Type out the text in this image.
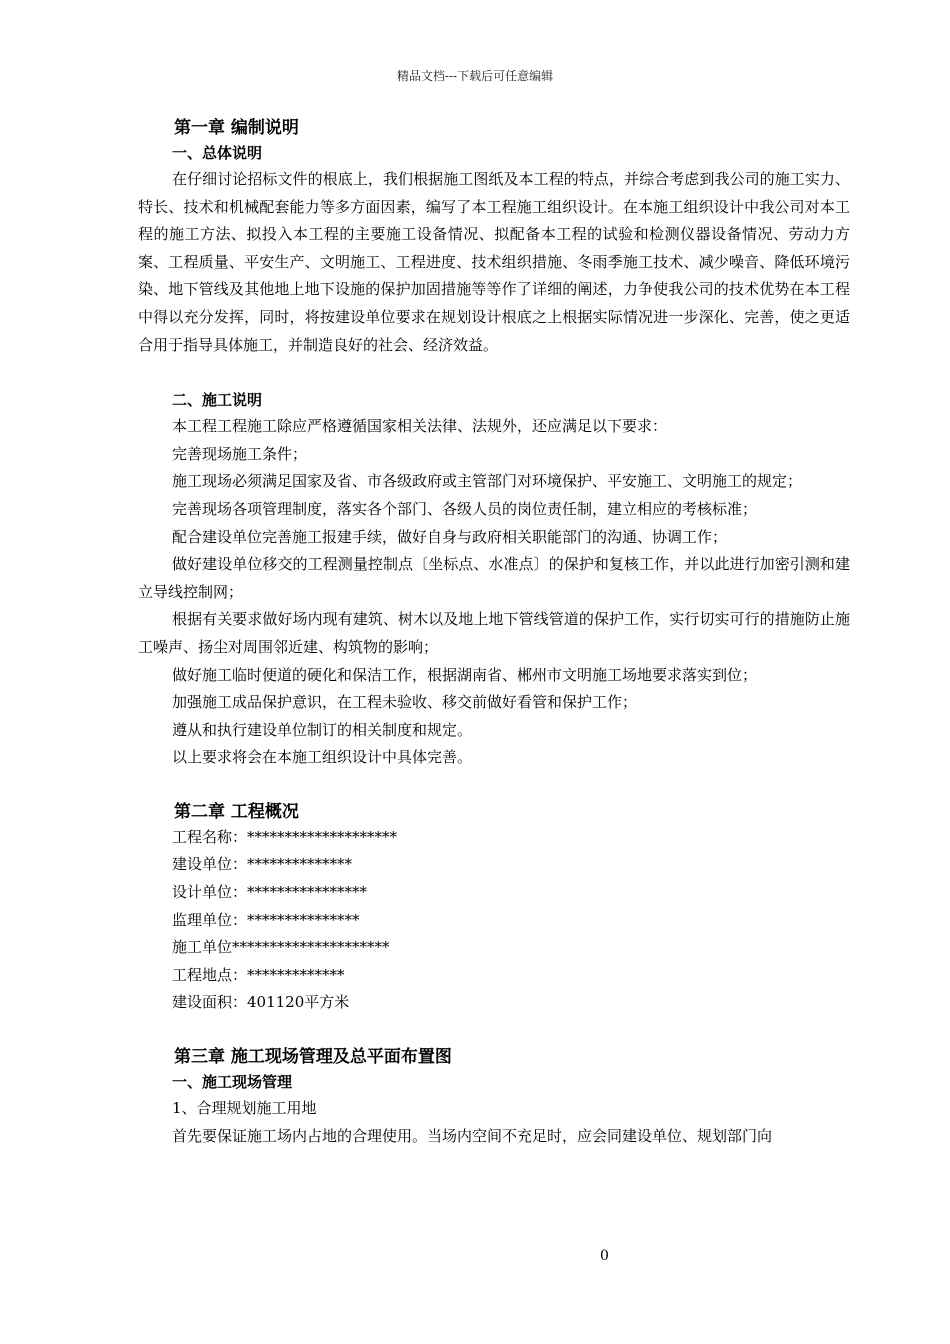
精品文档---下载后可任意编辑
第一章 编制说明
一、总体说明

在仔细讨论招标文件的根底上，我们根据施工图纸及本工程的特点，并综合考虑到我公司的施工实力、特长、技术和机械配套能力等多方面因素，编写了本工程施工组织设计。在本施工组织设计中我公司对本工程的施工方法、拟投入本工程的主要施工设备情况、拟配备本工程的试验和检测仪器设备情况、劳动力方案、工程质量、平安生产、文明施工、工程进度、技术组织措施、冬雨季施工技术、减少噪音、降低环境污染、地下管线及其他地上地下设施的保护加固措施等等作了详细的阐述，力争使我公司的技术优势在本工程中得以充分发挥，同时，将按建设单位要求在规划设计根底之上根据实际情况进一步深化、完善，使之更适合用于指导具体施工，并制造良好的社会、经济效益。

二、施工说明

本工程工程施工除应严格遵循国家相关法律、法规外，还应满足以下要求：

完善现场施工条件；

施工现场必须满足国家及省、市各级政府或主管部门对环境保护、平安施工、文明施工的规定；

完善现场各项管理制度，落实各个部门、各级人员的岗位责任制，建立相应的考核标准；

配合建设单位完善施工报建手续，做好自身与政府相关职能部门的沟通、协调工作；

做好建设单位移交的工程测量控制点〔坐标点、水准点〕的保护和复核工作，并以此进行加密引测和建立导线控制网；

根据有关要求做好场内现有建筑、树木以及地上地下管线管道的保护工作，实行切实可行的措施防止施工噪声、扬尘对周围邻近建、构筑物的影响；

做好施工临时便道的硬化和保洁工作，根据湖南省、郴州市文明施工场地要求落实到位；

加强施工成品保护意识，在工程未验收、移交前做好看管和保护工作；

遵从和执行建设单位制订的相关制度和规定。

以上要求将会在本施工组织设计中具体完善。

第二章 工程概况

工程名称：********************

建设单位：**************

设计单位：****************

监理单位：***************

施工单位*********************

工程地点：*************

建设面积：401120平方米

第三章 施工现场管理及总平面布置图
一、施工现场管理

1、合理规划施工用地

首先要保证施工场内占地的合理使用。当场内空间不充足时，应会同建设单位、规划部门向

0
